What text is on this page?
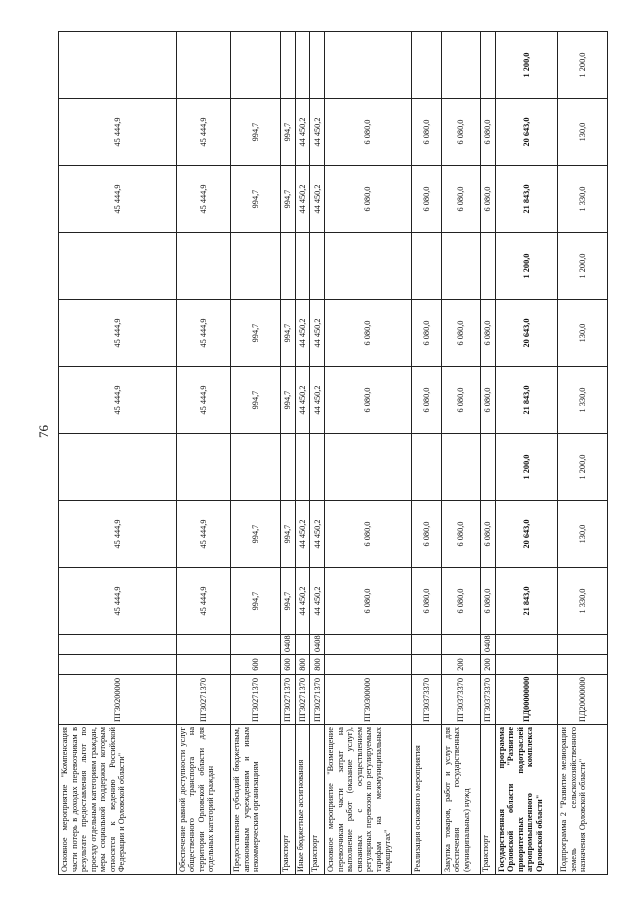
76
Основное мероприятие "Компенсация части потерь в доходах перевозчикам в результате предоставления льгот по проезду отдельным категориям граждан, меры социальной поддержки которым относятся к ведению Российской Федерации и Орловской области"	ПГ30200000			45 444,9	45 444,9		45 444,9	45 444,9		45 444,9	45 444,9	
Обеспечение равной доступности услуг общественного транспорта на территории Орловской области для отдельных категорий граждан	ПГ30271370			45 444,9	45 444,9		45 444,9	45 444,9		45 444,9	45 444,9	
Предоставление субсидий бюджетным, автономным учреждениям и иным некоммерческим организациям	ПГ30271370	600		994,7	994,7		994,7	994,7		994,7	994,7	
Транспорт	ПГ30271370	600	0408	994,7	994,7		994,7	994,7		994,7	994,7	
Иные бюджетные ассигнования	ПГ30271370	800		44 450,2	44 450,2		44 450,2	44 450,2		44 450,2	44 450,2	
Транспорт	ПГ30271370	800	0408	44 450,2	44 450,2		44 450,2	44 450,2		44 450,2	44 450,2	
Основное мероприятие "Возмещение перевозчикам части затрат на выполнение работ (оказание услуг), связанных с осуществлением регулярных перевозок по регулируемым тарифам на межмуниципальных маршрутах"	ПГ30300000			6 080,0	6 080,0		6 080,0	6 080,0		6 080,0	6 080,0	
Реализация основного мероприятия	ПГ30373370			6 080,0	6 080,0		6 080,0	6 080,0		6 080,0	6 080,0	
Закупка товаров, работ и услуг для обеспечения государственных (муниципальных) нужд	ПГ30373370	200		6 080,0	6 080,0		6 080,0	6 080,0		6 080,0	6 080,0	
Транспорт	ПГ30373370	200	0408	6 080,0	6 080,0		6 080,0	6 080,0		6 080,0	6 080,0	
Государственная программа Орловской области "Развитие приоритетных подотраслей агропромышленного комплекса Орловской области"	ПД00000000			21 843,0	20 643,0	1 200,0	21 843,0	20 643,0	1 200,0	21 843,0	20 643,0	1 200,0
Подпрограмма 2 "Развитие мелиорации земель сельскохозяйственного назначения Орловской области"	ПД20000000			1 330,0	130,0	1 200,0	1 330,0	130,0	1 200,0	1 330,0	130,0	1 200,0
